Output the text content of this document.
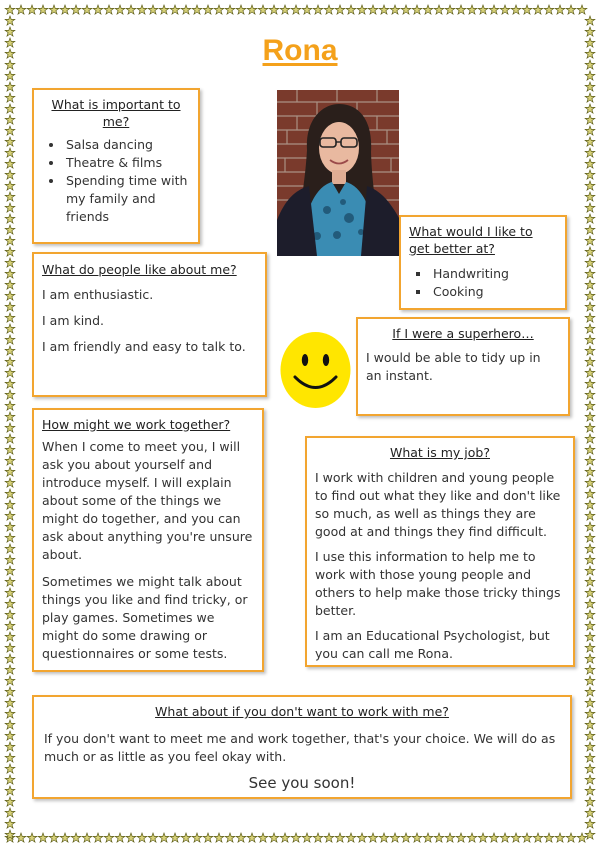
Rona
What is important to me?
• Salsa dancing
• Theatre & films
• Spending time with my family and friends
What would I like to get better at?
▪ Handwriting
▪ Cooking
What do people like about me?

I am enthusiastic.

I am kind.

I am friendly and easy to talk to.

If I were a superhero…

I would be able to tidy up in an instant.

How might we work together?

When I come to meet you, I will ask you about yourself and introduce myself. I will explain about some of the things we might do together, and you can ask about anything you're unsure about.

Sometimes we might talk about things you like and find tricky, or play games. Sometimes we might do some drawing or questionnaires or some tests.

What is my job?

I work with children and young people to find out what they like and don't like so much, as well as things they are good at and things they find difficult.

I use this information to help me to work with those young people and others to help make those tricky things better.

I am an Educational Psychologist, but you can call me Rona.

What about if you don't want to work with me?

If you don't want to meet me and work together, that's your choice. We will do as much or as little as you feel okay with.

See you soon!
